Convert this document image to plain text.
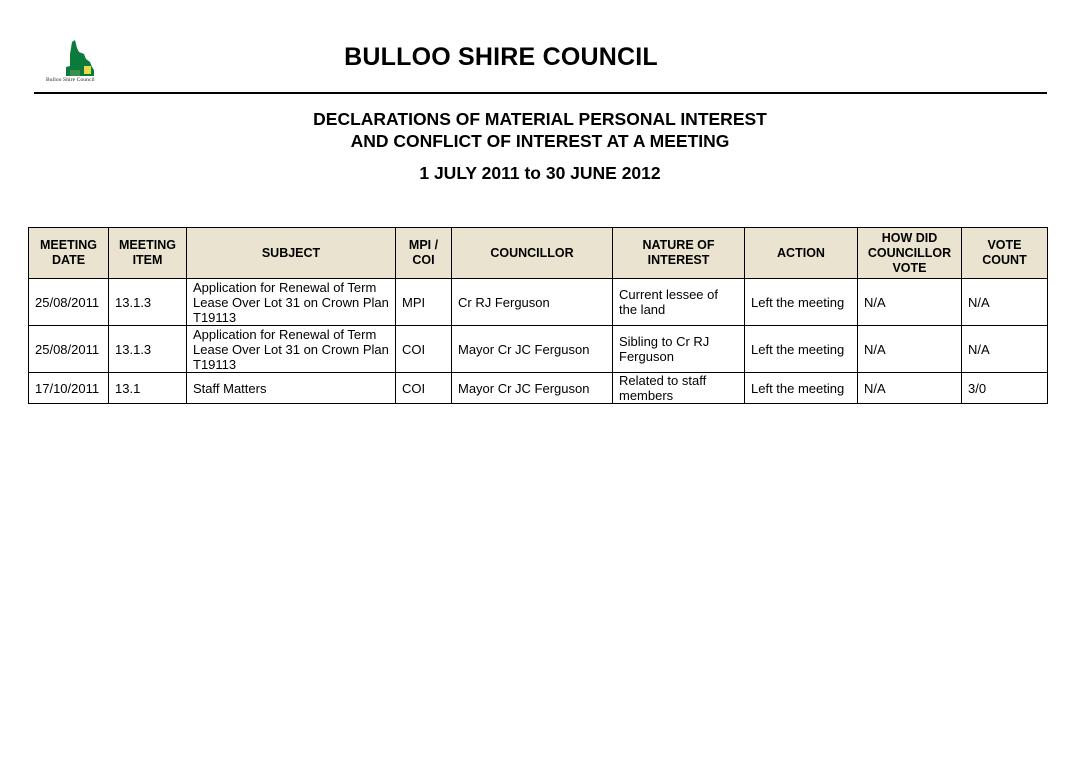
Bulloo Shire Council
BULLOO SHIRE COUNCIL
DECLARATIONS OF MATERIAL PERSONAL INTEREST
AND CONFLICT OF INTEREST AT A MEETING
1 JULY 2011 to 30 JUNE 2012
MEETING DATE	MEETING ITEM	SUBJECT	MPI / COI	COUNCILLOR	NATURE OF INTEREST	ACTION	HOW DID COUNCILLOR VOTE	VOTE COUNT
25/08/2011	13.1.3	Application for Renewal of Term Lease Over Lot 31 on Crown Plan T19113	MPI	Cr RJ Ferguson	Current lessee of the land	Left the meeting	N/A	N/A
25/08/2011	13.1.3	Application for Renewal of Term Lease Over Lot 31 on Crown Plan T19113	COI	Mayor Cr JC Ferguson	Sibling to Cr RJ Ferguson	Left the meeting	N/A	N/A
17/10/2011	13.1	Staff Matters	COI	Mayor Cr JC Ferguson	Related to staff members	Left the meeting	N/A	3/0
